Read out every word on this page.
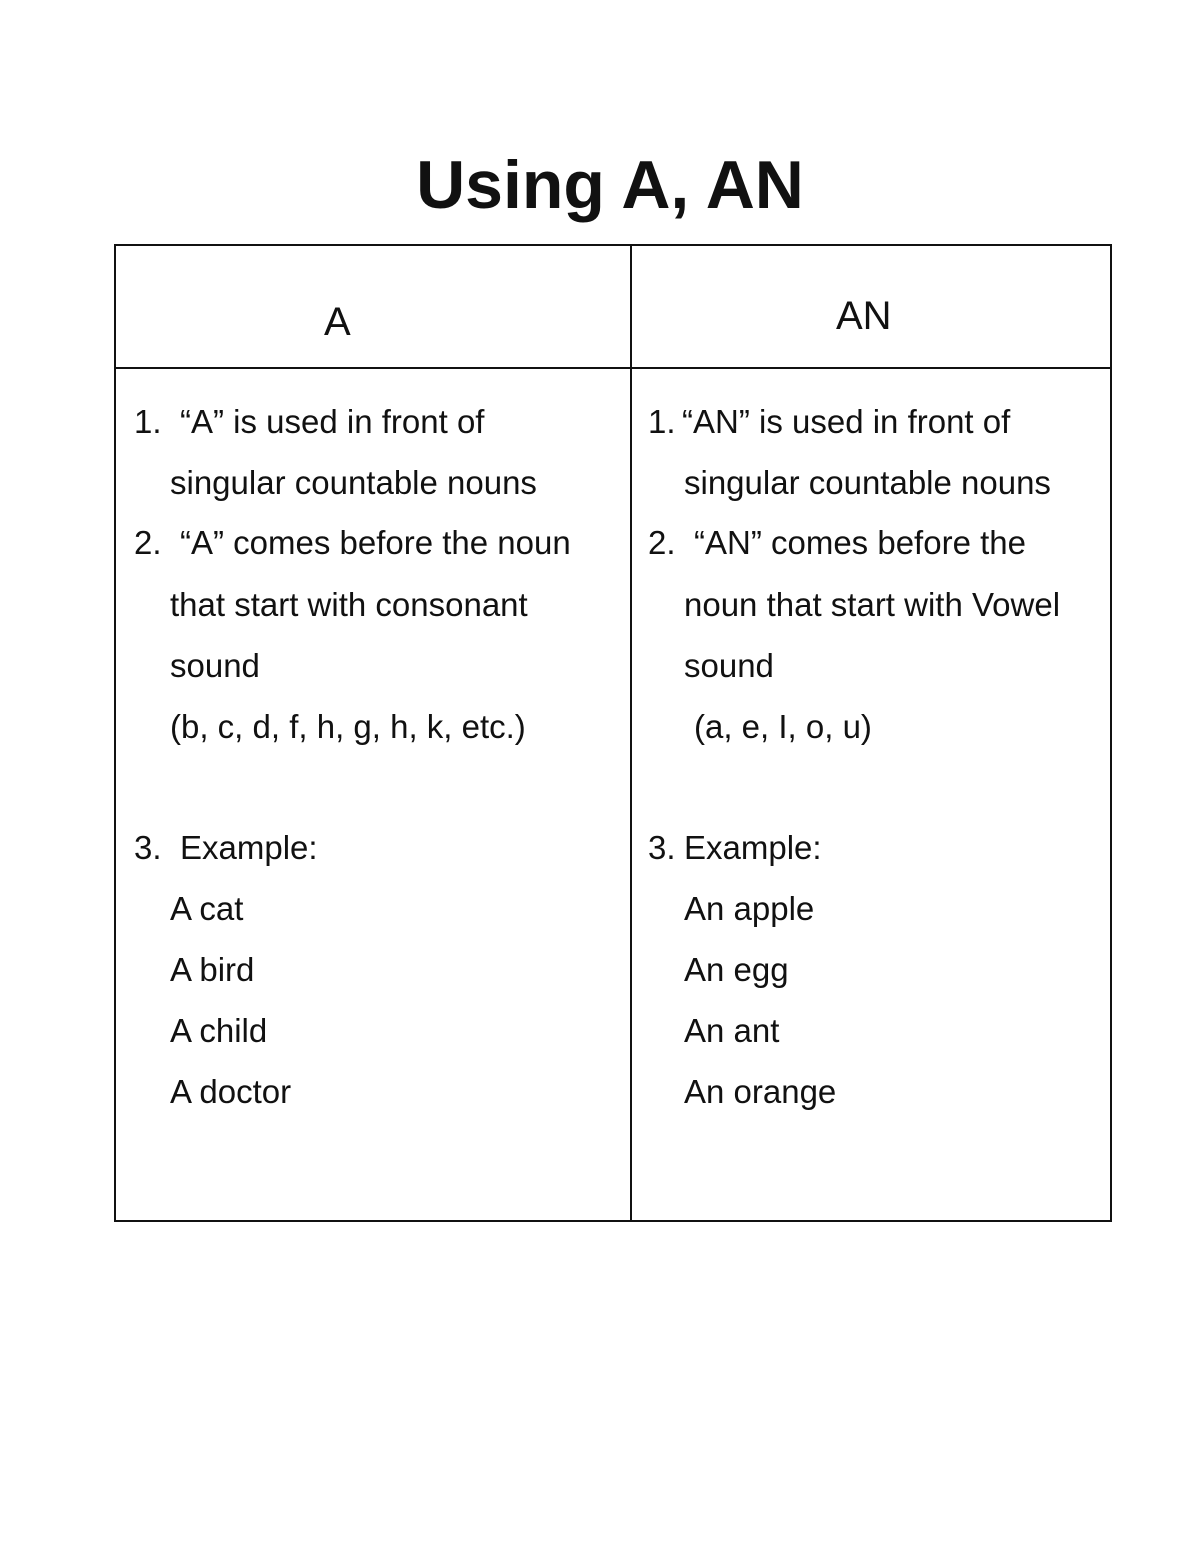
Using A, AN
A	AN
1. “A” is used in front of
singular countable nouns
2. “A” comes before the noun
that start with consonant
sound
(b, c, d, f, h, g, h, k, etc.)
3. Example:
A cat
A bird
A child
A doctor
1. “AN” is used in front of
singular countable nouns
2. “AN” comes before the
noun that start with Vowel
sound
(a, e, I, o, u)
3. Example:
An apple
An egg
An ant
An orange
